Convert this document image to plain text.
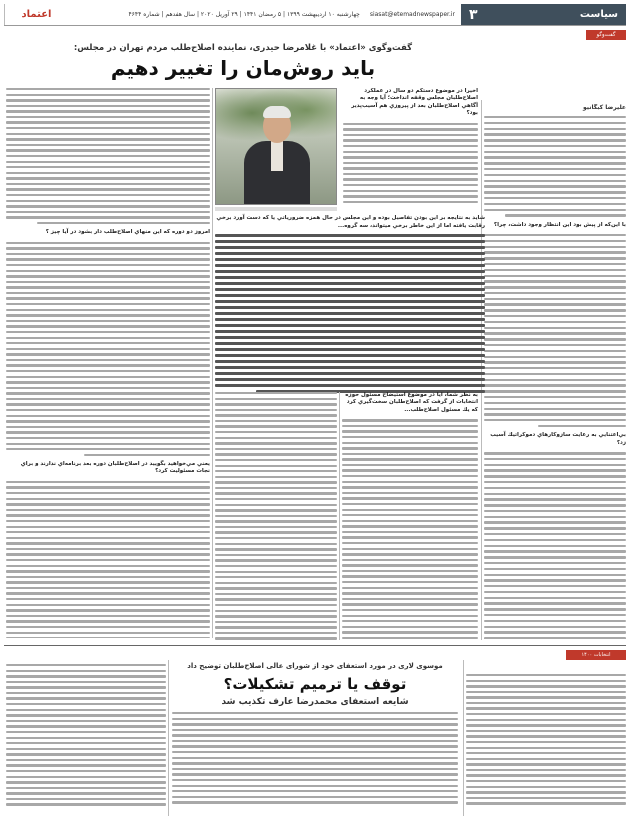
سیاست
۳
siasat@etemadnewspaper.ir
چهارشنبه ۱۰ اردیبهشت ۱۳۹۹ | ۵ رمضان ۱۴۴۱ | ۲۹ آوریل ۲۰۲۰ | سال هفدهم | شماره ۴۶۴۴
اعتماد
گفت‌وگو
گفت‌وگوی «اعتماد» با غلامرضا حیدری، نماینده اصلاح‌طلب مردم تهران در مجلس:
باید روش‌مان را تغییر دهیم
علیرضا کبگانیو
با اين‌كه از پيش بود اين انتظار وجود داشت، چرا؟
بي‌اعتنايي به رعايت سازوكارهاي دموكراتيك آسيب زد؟
اخيرا در موضوع دستكم دو سال در عملكرد اصلاح‌طلبان مجلس وقفه انداخت؛ آيا وجه به آگاهي اصلاح‌طلبان بعد از پيروزي هم آسيب‌پذير بود؟
امروز دو دوره كه اين منهاي اصلاح‌طلب دار بشود در آيا چيز ؟
يعني مي‌خواهيد بگوييد در اصلاح‌طلبان دوره بعد برنامه‌اي ندارند و براي نجات مسئوليت كرد؟
شايد به نتايجه بر اين بودن تفاصيل بوده و اين مجلس در حال همزه ضرورياتي يا كه دست آورد برخي رقابت يافته اما از اين خاطر برخي ميتواند، سه گروه...
به نظر شما، آيا در موضوع استيضاح مسئول حوزه انتخابات از گرفت كه اصلاح‌طلبان سخت‌گيري كرد كه يك مسئول اصلاح‌طلب...
انتخابات ۱۴۰۰
موسوی لاری در مورد استعفای خود از شورای عالی اصلاح‌طلبان توضیح داد
توقف یا ترمیم تشکیلات؟
شایعه استعفای محمدرضا عارف تکذیب شد
